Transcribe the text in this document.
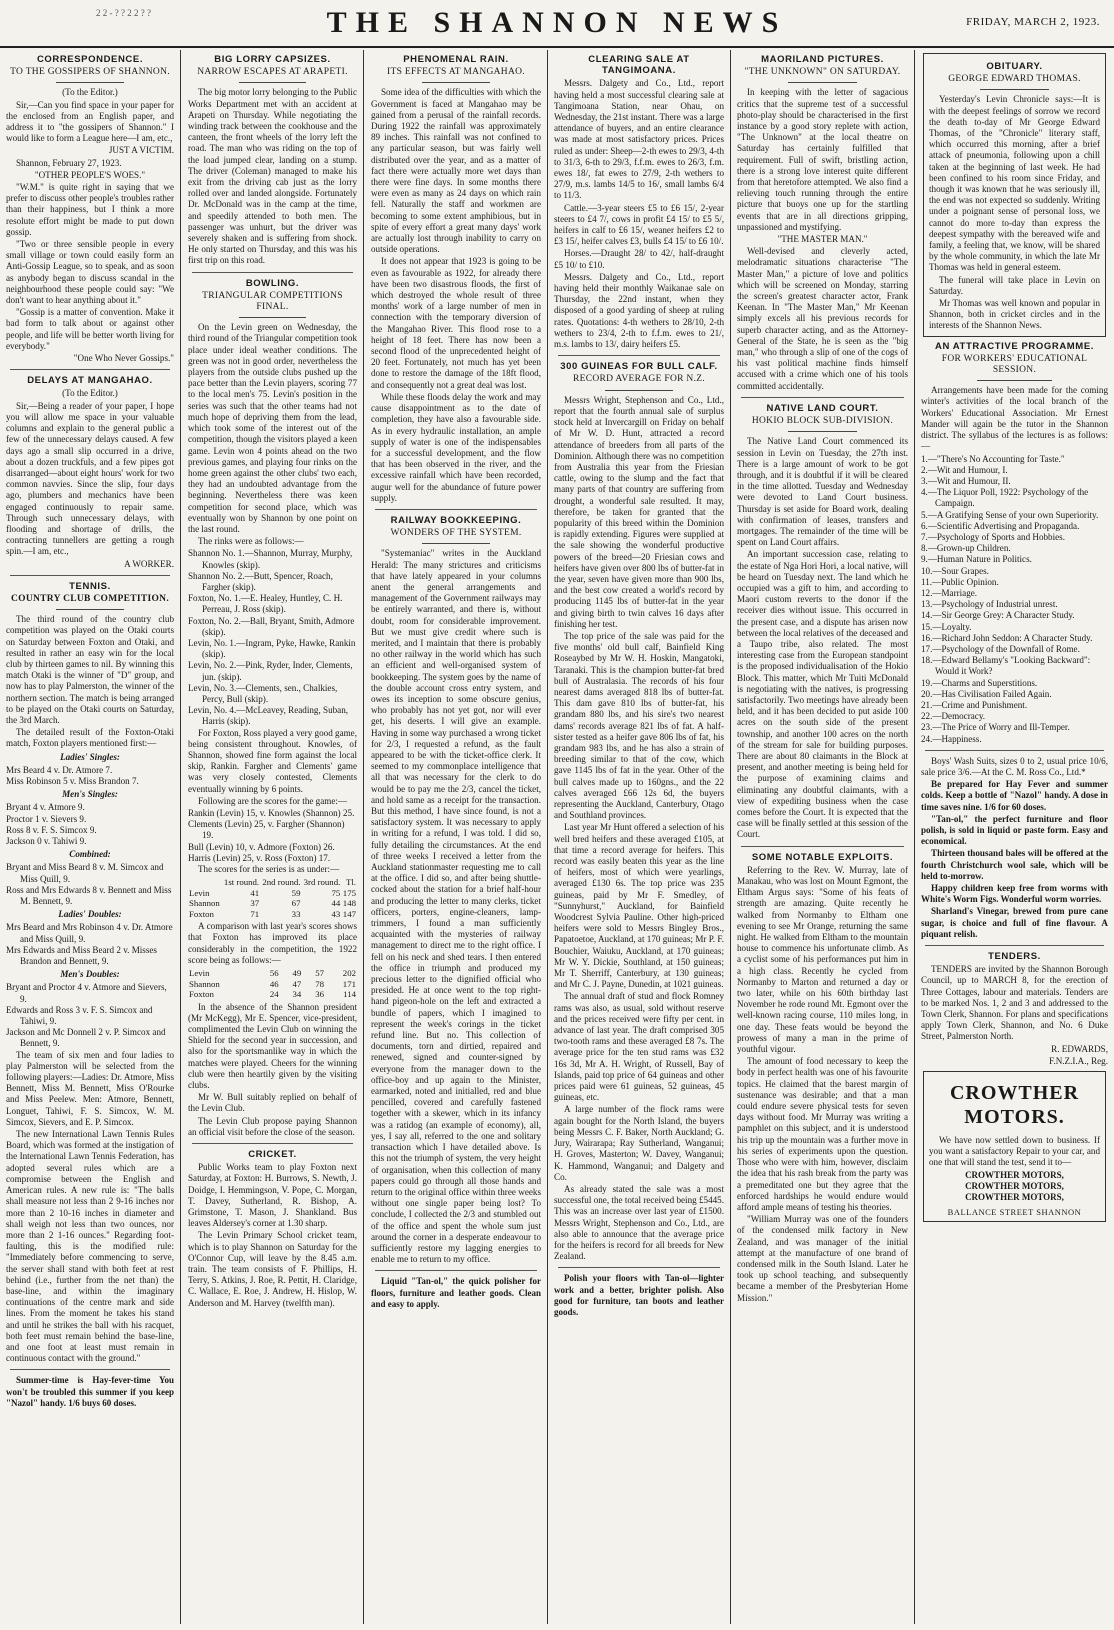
2 2 - ? ? 2 2 ? ?	THE SHANNON NEWS	FRIDAY, MARCH 2, 1923.
CORRESPONDENCE.
TO THE GOSSIPERS OF SHANNON.

(To the Editor.)

Sir,—Can you find space in your paper for the enclosed from an English paper, and address it to "the gossipers of Shannon." I would like to form a League here—I am, etc.,

JUST A VICTIM.

Shannon, February 27, 1923.

"OTHER PEOPLE'S WOES."

"W.M." is quite right in saying that we prefer to discuss other people's troubles rather than their happiness, but I think a more resolute effort might be made to put down gossip.

"Two or three sensible people in every small village or town could easily form an Anti-Gossip League, so to speak, and as soon as anybody began to discuss scandal in the neighbourhood these people could say: "We don't want to hear anything about it."

"Gossip is a matter of convention. Make it bad form to talk about or against other people, and life will be better worth living for everybody."

"One Who Never Gossips."

DELAYS AT MANGAHAO.

(To the Editor.)

Sir,—Being a reader of your paper, I hope you will allow me space in your valuable columns and explain to the general public a few of the unnecessary delays caused. A few days ago a small slip occurred in a drive, about a dozen truckfuls, and a few pipes got disarranged—about eight hours' work for two common navvies. Since the slip, four days ago, plumbers and mechanics have been engaged continuously to repair same. Through such unnecessary delays, with flooding and shortage of drills, the contracting tunnellers are getting a rough spin.—I am, etc.,

A WORKER.

TENNIS.
COUNTRY CLUB COMPETITION.

The third round of the country club competition was played on the Otaki courts on Saturday between Foxton and Otaki, and resulted in rather an easy win for the local club by thirteen games to nil. By winning this match Otaki is the winner of "D" group, and now has to play Palmerston, the winner of the northern section. The match is being arranged to be played on the Otaki courts on Saturday, the 3rd March.

The detailed result of the Foxton-Otaki match, Foxton players mentioned first:—

Ladies' Singles:

Mrs Beard 4 v. Dr. Atmore 7.

Miss Robinson 5 v. Miss Brandon 7.

Men's Singles:

Bryant 4 v. Atmore 9.

Proctor 1 v. Sievers 9.

Ross 8 v. F. S. Simcox 9.

Jackson 0 v. Tahiwi 9.

Combined:

Bryant and Miss Beard 8 v. M. Simcox and Miss Quill, 9.

Ross and Mrs Edwards 8 v. Bennett and Miss M. Bennett, 9.

Ladies' Doubles:

Mrs Beard and Mrs Robinson 4 v. Dr. Atmore and Miss Quill, 9.

Mrs Edwards and Miss Beard 2 v. Misses Brandon and Bennett, 9.

Men's Doubles:

Bryant and Proctor 4 v. Atmore and Sievers, 9.

Edwards and Ross 3 v. F. S. Simcox and Tahiwi, 9.

Jackson and Mc Donnell 2 v. P. Simcox and Bennett, 9.

The team of six men and four ladies to play Palmerston will be selected from the following players:—Ladies: Dr. Atmore, Miss Bennett, Miss M. Bennett, Miss O'Rourke and Miss Peelew. Men: Atmore, Bennett, Longuet, Tahiwi, F. S. Simcox, W. M. Simcox, Sievers, and E. P. Simcox.

The new International Lawn Tennis Rules Board, which was formed at the instigation of the International Lawn Tennis Federation, has adopted several rules which are a compromise between the English and American rules. A new rule is: "The balls shall measure not less than 2 9-16 inches nor more than 2 10-16 inches in diameter and shall weigh not less than two ounces, nor more than 2 1-16 ounces." Regarding foot-faulting, this is the modified rule: "Immediately before commencing to serve, the server shall stand with both feet at rest behind (i.e., further from the net than) the base-line, and within the imaginary continuations of the centre mark and side lines. From the moment he takes his stand and until he strikes the ball with his racquet, both feet must remain behind the base-line, and one foot at least must remain in continuous contact with the ground."

Summer-time is Hay-fever-time You won't be troubled this summer if you keep "Nazol" handy. 1/6 buys 60 doses.

BIG LORRY CAPSIZES.
NARROW ESCAPES AT ARAPETI.

The big motor lorry belonging to the Public Works Department met with an accident at Arapeti on Thursday. While negotiating the winding track between the cookhouse and the canteen, the front wheels of the lorry left the road. The man who was riding on the top of the load jumped clear, landing on a stump. The driver (Coleman) managed to make his exit from the driving cab just as the lorry rolled over and landed alongside. Fortunately Dr. McDonald was in the camp at the time, and speedily attended to both men. The passenger was unhurt, but the driver was severely shaken and is suffering from shock. He only started on Thursday, and this was his first trip on this road.

BOWLING.
TRIANGULAR COMPETITIONS FINAL.

On the Levin green on Wednesday, the third round of the Triangular competition took place under ideal weather conditions. The green was not in good order, nevertheless the players from the outside clubs pushed up the pace better than the Levin players, scoring 77 to the local men's 75. Levin's position in the series was such that the other teams had not much hope of depriving them from the lead, which took some of the interest out of the competition, though the visitors played a keen game. Levin won 4 points ahead on the two previous games, and playing four rinks on the home green against the other clubs' two each, they had an undoubted advantage from the beginning. Nevertheless there was keen competition for second place, which was eventually won by Shannon by one point on the last round.

The rinks were as follows:—

Shannon No. 1.—Shannon, Murray, Murphy, Knowles (skip).

Shannon No. 2.—Butt, Spencer, Roach, Fargher (skip).

Foxton, No. 1.—E. Healey, Huntley, C. H. Perreau, J. Ross (skip).

Foxton, No. 2.—Ball, Bryant, Smith, Admore (skip).

Levin, No. 1.—Ingram, Pyke, Hawke, Rankin (skip).

Levin, No. 2.—Pink, Ryder, Inder, Clements, jun. (skip).

Levin, No. 3.—Clements, sen., Chalkies, Percy, Bull (skip).

Levin, No. 4.—McLeavey, Reading, Suban, Harris (skip).

For Foxton, Ross played a very good game, being consistent throughout. Knowles, of Shannon, showed fine form against the local skip, Rankin. Fargher and Clements' game was very closely contested, Clements eventually winning by 6 points.

Following are the scores for the game:—

Rankin (Levin) 15, v. Knowles (Shannon) 25.

Clements (Levin) 25, v. Fargher (Shannon) 19.

Bull (Levin) 10, v. Admore (Foxton) 26.

Harris (Levin) 25, v. Ross (Foxton) 17.

The scores for the series is as under:—

	1st round.	2nd round.	3rd round.	Tl.
Levin	41	59	75	175
Shannon	37	67	44	148
Foxton	71	33	43	147

A comparison with last year's scores shows that Foxton has improved its place considerably in the competition, the 1922 score being as follows:—

Levin	56	49	57	202
Shannon	46	47	78	171
Foxton	24	34	36	114

In the absence of the Shannon president (Mr McKegg), Mr E. Spencer, vice-president, complimented the Levin Club on winning the Shield for the second year in succession, and also for the sportsmanlike way in which the matches were played. Cheers for the winning club were then heartily given by the visiting clubs.

Mr W. Bull suitably replied on behalf of the Levin Club.

The Levin Club propose paying Shannon an official visit before the close of the season.

CRICKET.

Public Works team to play Foxton next Saturday, at Foxton: H. Burrows, S. Newth, J. Doidge, I. Hemmingson, V. Pope, C. Morgan, T. Davey, Sutherland, R. Bishop, A. Grimstone, T. Mason, J. Shankland. Bus leaves Aldersey's corner at 1.30 sharp.

The Levin Primary School cricket team, which is to play Shannon on Saturday for the O'Connor Cup, will leave by the 8.45 a.m. train. The team consists of F. Phillips, H. Terry, S. Atkins, J. Roe, R. Pettit, H. Claridge, C. Wallace, E. Roe, J. Andrew, H. Hislop, W. Anderson and M. Harvey (twelfth man).

PHENOMENAL RAIN.
ITS EFFECTS AT MANGAHAO.

Some idea of the difficulties with which the Government is faced at Mangahao may be gained from a perusal of the rainfall records. During 1922 the rainfall was approximately 89 inches. This rainfall was not confined to any particular season, but was fairly well distributed over the year, and as a matter of fact there were actually more wet days than there were fine days. In some months there were even as many as 24 days on which rain fell. Naturally the staff and workmen are becoming to some extent amphibious, but in spite of every effort a great many days' work are actually lost through inability to carry on outside operations.

It does not appear that 1923 is going to be even as favourable as 1922, for already there have been two disastrous floods, the first of which destroyed the whole result of three months' work of a large number of men in connection with the temporary diversion of the Mangahao River. This flood rose to a height of 18 feet. There has now been a second flood of the unprecedented height of 20 feet. Fortunately, not much has yet been done to restore the damage of the 18ft flood, and consequently not a great deal was lost.

While these floods delay the work and may cause disappointment as to the date of completion, they have also a favourable side. As in every hydraulic installation, an ample supply of water is one of the indispensables for a successful development, and the flow that has been observed in the river, and the excessive rainfall which have been recorded, augur well for the abundance of future power supply.

RAILWAY BOOKKEEPING.
WONDERS OF THE SYSTEM.

"Systemaniac" writes in the Auckland Herald: The many strictures and criticisms that have lately appeared in your columns anent the general arrangements and management of the Government railways may be entirely warranted, and there is, without doubt, room for considerable improvement. But we must give credit where such is merited, and I maintain that there is probably no other railway in the world which has such an efficient and well-organised system of bookkeeping. The system goes by the name of the double account cross entry system, and owes its inception to some obscure genius, who probably has not yet got, nor will ever get, his deserts. I will give an example. Having in some way purchased a wrong ticket for 2/3, I requested a refund, as the fault appeared to be with the ticket-office clerk. It seemed to my commonplace intelligence that all that was necessary for the clerk to do would be to pay me the 2/3, cancel the ticket, and hold same as a receipt for the transaction. But this method, I have since found, is not a satisfactory system. It was necessary to apply in writing for a refund, I was told. I did so, fully detailing the circumstances. At the end of three weeks I received a letter from the Auckland stationmaster requesting me to call at the office. I did so, and after being shuttle-cocked about the station for a brief half-hour and producing the letter to many clerks, ticket officers, porters, engine-cleaners, lamp-trimmers, I found a man sufficiently acquainted with the mysteries of railway management to direct me to the right office. I fell on his neck and shed tears. I then entered the office in triumph and produced my precious letter to the dignified official who presided. He at once went to the top right-hand pigeon-hole on the left and extracted a bundle of papers, which I imagined to represent the week's corings in the ticket refund line. But no. This collection of documents, torn and dirtied, repaired and renewed, signed and counter-signed by everyone from the manager down to the office-boy and up again to the Minister, earmarked, noted and initialled, red and blue pencilled, covered and carefully fastened together with a skewer, which in its infancy was a ratidog (an example of economy), all, yes, I say all, referred to the one and solitary transaction which I have detailed above. Is this not the triumph of system, the very height of organisation, when this collection of many papers could go through all those hands and return to the original office within three weeks without one single paper being lost? To conclude, I collected the 2/3 and stumbled out of the office and spent the whole sum just around the corner in a desperate endeavour to sufficiently restore my lagging energies to enable me to return to my office.

Liquid "Tan-ol," the quick polisher for floors, furniture and leather goods. Clean and easy to apply.

CLEARING SALE AT TANGIMOANA.

Messrs. Dalgety and Co., Ltd., report having held a most successful clearing sale at Tangimoana Station, near Ohau, on Wednesday, the 21st instant. There was a large attendance of buyers, and an entire clearance was made at most satisfactory prices. Prices ruled as under: Sheep—2-th ewes to 29/3, 4-th to 31/3, 6-th to 29/3, f.f.m. ewes to 26/3, f.m. ewes 18/, fat ewes to 27/9, 2-th wethers to 27/9, m.s. lambs 14/5 to 16/, small lambs 6/4 to 11/3.

Cattle.—3-year steers £5 to £6 15/, 2-year steers to £4 7/, cows in profit £4 15/ to £5 5/, heifers in calf to £6 15/, weaner heifers £2 to £3 15/, heifer calves £3, bulls £4 15/ to £6 10/.

Horses.—Draught 28/ to 42/, half-draught £5 10/ to £10.

Messrs. Dalgety and Co., Ltd., report having held their monthly Waikanae sale on Thursday, the 22nd instant, when they disposed of a good yarding of sheep at ruling rates. Quotations: 4-th wethers to 28/10, 2-th wethers to 23/4, 2-th to f.f.m. ewes to 21/, m.s. lambs to 13/, dairy heifers £5.

300 GUINEAS FOR BULL CALF.
RECORD AVERAGE FOR N.Z.

Messrs Wright, Stephenson and Co., Ltd., report that the fourth annual sale of surplus stock held at Invercargill on Friday on behalf of Mr W. D. Hunt, attracted a record attendance of breeders from all parts of the Dominion. Although there was no competition from Australia this year from the Friesian cattle, owing to the slump and the fact that many parts of that country are suffering from drought, a wonderful sale resulted. It may, therefore, be taken for granted that the popularity of this breed within the Dominion is rapidly extending. Figures were supplied at the sale showing the wonderful productive powers of the breed—20 Friesian cows and heifers have given over 800 lbs of butter-fat in the year, seven have given more than 900 lbs, and the best cow created a world's record by producing 1145 lbs of butter-fat in the year and giving birth to twin calves 16 days after finishing her test.

The top price of the sale was paid for the five months' old bull calf, Bainfield King Roseaybed by Mr W. H. Hoskin, Mangatoki, Taranaki. This is the champion butter-fat bred bull of Australasia. The records of his four nearest dams averaged 818 lbs of butter-fat. This dam gave 810 lbs of butter-fat, his grandam 880 lbs, and his sire's two nearest dams' records average 821 lbs of fat. A half-sister tested as a heifer gave 806 lbs of fat, his grandam 983 lbs, and he has also a strain of breeding similar to that of the cow, which gave 1145 lbs of fat in the year. Other of the bull calves made up to 160gns., and the 22 calves averaged £66 12s 6d, the buyers representing the Auckland, Canterbury, Otago and Southland provinces.

Last year Mr Hunt offered a selection of his well bred heifers and these averaged £105, at that time a record average for heifers. This record was easily beaten this year as the line of heifers, most of which were yearlings, averaged £130 6s. The top price was 235 guineas, paid by Mr F. Smedley, of "Sunnyhurst," Auckland, for Bainfield Woodcrest Sylvia Pauline. Other high-priced heifers were sold to Messrs Bingley Bros., Papatoetoe, Auckland, at 170 guineas; Mr P. F. Bouchier, Waiuku, Auckland, at 170 guineas; Mr W. Y. Dickie, Southland, at 150 guineas; Mr T. Sherriff, Canterbury, at 130 guineas; and Mr C. J. Payne, Dunedin, at 1021 guineas.

The annual draft of stud and flock Romney rams was also, as usual, sold without reserve and the prices received were fifty per cent. in advance of last year. The draft comprised 305 two-tooth rams and these averaged £8 7s. The average price for the ten stud rams was £32 16s 3d, Mr A. H. Wright, of Russell, Bay of Islands, paid top price of 64 guineas and other prices paid were 61 guineas, 52 guineas, 45 guineas, etc.

A large number of the flock rams were again bought for the North Island, the buyers being Messrs C. F. Baker, North Auckland; G. Jury, Wairarapa; Ray Sutherland, Wanganui; H. Groves, Masterton; W. Davey, Wanganui; K. Hammond, Wanganui; and Dalgety and Co.

As already stated the sale was a most successful one, the total received being £5445. This was an increase over last year of £1500. Messrs Wright, Stephenson and Co., Ltd., are also able to announce that the average price for the heifers is record for all breeds for New Zealand.

Polish your floors with Tan-ol—lighter work and a better, brighter polish. Also good for furniture, tan boots and leather goods.

MAORILAND PICTURES.
"THE UNKNOWN" ON SATURDAY.

In keeping with the letter of sagacious critics that the supreme test of a successful photo-play should be characterised in the first instance by a good story replete with action, "The Unknown" at the local theatre on Saturday has certainly fulfilled that requirement. Full of swift, bristling action, there is a strong love interest quite different from that heretofore attempted. We also find a relieving touch running through the entire picture that buoys one up for the startling events that are in all directions gripping, unpassioned and mystifying.

"THE MASTER MAN."

Well-devised and cleverly acted, melodramatic situations characterise "The Master Man," a picture of love and politics which will be screened on Monday, starring the screen's greatest character actor, Frank Keenan. In "The Master Man," Mr Keenan simply excels all his previous records for superb character acting, and as the Attorney-General of the State, he is seen as the "big man," who through a slip of one of the cogs of his vast political machine finds himself accused with a crime which one of his tools committed accidentally.

NATIVE LAND COURT.
HOKIO BLOCK SUB-DIVISION.

The Native Land Court commenced its session in Levin on Tuesday, the 27th inst. There is a large amount of work to be got through, and it is doubtful if it will be cleared in the time allotted. Tuesday and Wednesday were devoted to Land Court business. Thursday is set aside for Board work, dealing with confirmation of leases, transfers and mortgages. The remainder of the time will be spent on Land Court affairs.

An important succession case, relating to the estate of Nga Hori Hori, a local native, will be heard on Tuesday next. The land which he occupied was a gift to him, and according to Maori custom reverts to the donor if the receiver dies without issue. This occurred in the present case, and a dispute has arisen now between the local relatives of the deceased and a Taupo tribe, also related. The most interesting case from the European standpoint is the proposed individualisation of the Hokio Block. This matter, which Mr Tuiti McDonald is negotiating with the natives, is progressing satisfactorily. Two meetings have already been held, and it has been decided to put aside 100 acres on the south side of the present township, and another 100 acres on the north of the stream for sale for building purposes. There are about 80 claimants in the Block at present, and another meeting is being held for the purpose of examining claims and eliminating any doubtful claimants, with a view of expediting business when the case comes before the Court. It is expected that the case will be finally settled at this session of the Court.

SOME NOTABLE EXPLOITS.

Referring to the Rev. W. Murray, late of Manakau, who was lost on Mount Egmont, the Eltham Argus says: "Some of his feats of strength are amazing. Quite recently he walked from Normanby to Eltham one evening to see Mr Orange, returning the same night. He walked from Eltham to the mountain house to commence his unfortunate climb. As a cyclist some of his performances put him in a high class. Recently he cycled from Normanby to Marton and returned a day or two later, while on his 60th birthday last November he rode round Mt. Egmont over the well-known racing course, 110 miles long, in one day. These feats would be beyond the prowess of many a man in the prime of youthful vigour.

The amount of food necessary to keep the body in perfect health was one of his favourite topics. He claimed that the barest margin of sustenance was desirable; and that a man could endure severe physical tests for seven days without food. Mr Murray was writing a pamphlet on this subject, and it is understood his trip up the mountain was a further move in his series of experiments upon the question. Those who were with him, however, disclaim the idea that his rash break from the party was a premeditated one but they agree that the enforced hardships he would endure would afford ample means of testing his theories.

"William Murray was one of the founders of the condensed milk factory in New Zealand, and was manager of the initial attempt at the manufacture of one brand of condensed milk in the South Island. Later he took up school teaching, and subsequently became a member of the Presbyterian Home Mission."

OBITUARY.
GEORGE EDWARD THOMAS.

Yesterday's Levin Chronicle says:—It is with the deepest feelings of sorrow we record the death to-day of Mr George Edward Thomas, of the "Chronicle" literary staff, which occurred this morning, after a brief attack of pneumonia, following upon a chill taken at the beginning of last week. He had been confined to his room since Friday, and though it was known that he was seriously ill, the end was not expected so suddenly. Writing under a poignant sense of personal loss, we cannot do more to-day than express the deepest sympathy with the bereaved wife and family, a feeling that, we know, will be shared by the whole community, in which the late Mr Thomas was held in general esteem.

The funeral will take place in Levin on Saturday.

Mr Thomas was well known and popular in Shannon, both in cricket circles and in the interests of the Shannon News.

AN ATTRACTIVE PROGRAMME.
FOR WORKERS' EDUCATIONAL SESSION.

Arrangements have been made for the coming winter's activities of the local branch of the Workers' Educational Association. Mr Ernest Mander will again be the tutor in the Shannon district. The syllabus of the lectures is as follows:—

1.—"There's No Accounting for Taste."

2.—Wit and Humour, I.

3.—Wit and Humour, II.

4.—The Liquor Poll, 1922: Psychology of the Campaign.

5.—A Gratifying Sense of your own Superiority.

6.—Scientific Advertising and Propaganda.

7.—Psychology of Sports and Hobbies.

8.—Grown-up Children.

9.—Human Nature in Politics.

10.—Sour Grapes.

11.—Public Opinion.

12.—Marriage.

13.—Psychology of Industrial unrest.

14.—Sir George Grey: A Character Study.

15.—Loyalty.

16.—Richard John Seddon: A Character Study.

17.—Psychology of the Downfall of Rome.

18.—Edward Bellamy's "Looking Backward": Would it Work?

19.—Charms and Superstitions.

20.—Has Civilisation Failed Again.

21.—Crime and Punishment.

22.—Democracy.

23.—The Price of Worry and Ill-Temper.

24.—Happiness.

Boys' Wash Suits, sizes 0 to 2, usual price 10/6, sale price 3/6.—At the C. M. Ross Co., Ltd.*

Be prepared for Hay Fever and summer colds. Keep a bottle of "Nazol" handy. A dose in time saves nine. 1/6 for 60 doses.

"Tan-ol," the perfect furniture and floor polish, is sold in liquid or paste form. Easy and economical.

Thirteen thousand bales will be offered at the fourth Christchurch wool sale, which will be held to-morrow.

Happy children keep free from worms with White's Worm Figs. Wonderful worm worries.

Sharland's Vinegar, brewed from pure cane sugar, is choice and full of fine flavour. A piquant relish.

TENDERS.

TENDERS are invited by the Shannon Borough Council, up to MARCH 8, for the erection of Three Cottages, labour and materials. Tenders are to be marked Nos. 1, 2 and 3 and addressed to the Town Clerk, Shannon. For plans and specifications apply Town Clerk, Shannon, and No. 6 Duke Street, Palmerston North.

R. EDWARDS,

F.N.Z.I.A., Reg.

CROWTHER MOTORS.

We have now settled down to business. If you want a satisfactory Repair to your car, and one that will stand the test, send it to—

CROWTHER MOTORS,
CROWTHER MOTORS,
CROWTHER MOTORS,
BALLANCE STREET SHANNON
